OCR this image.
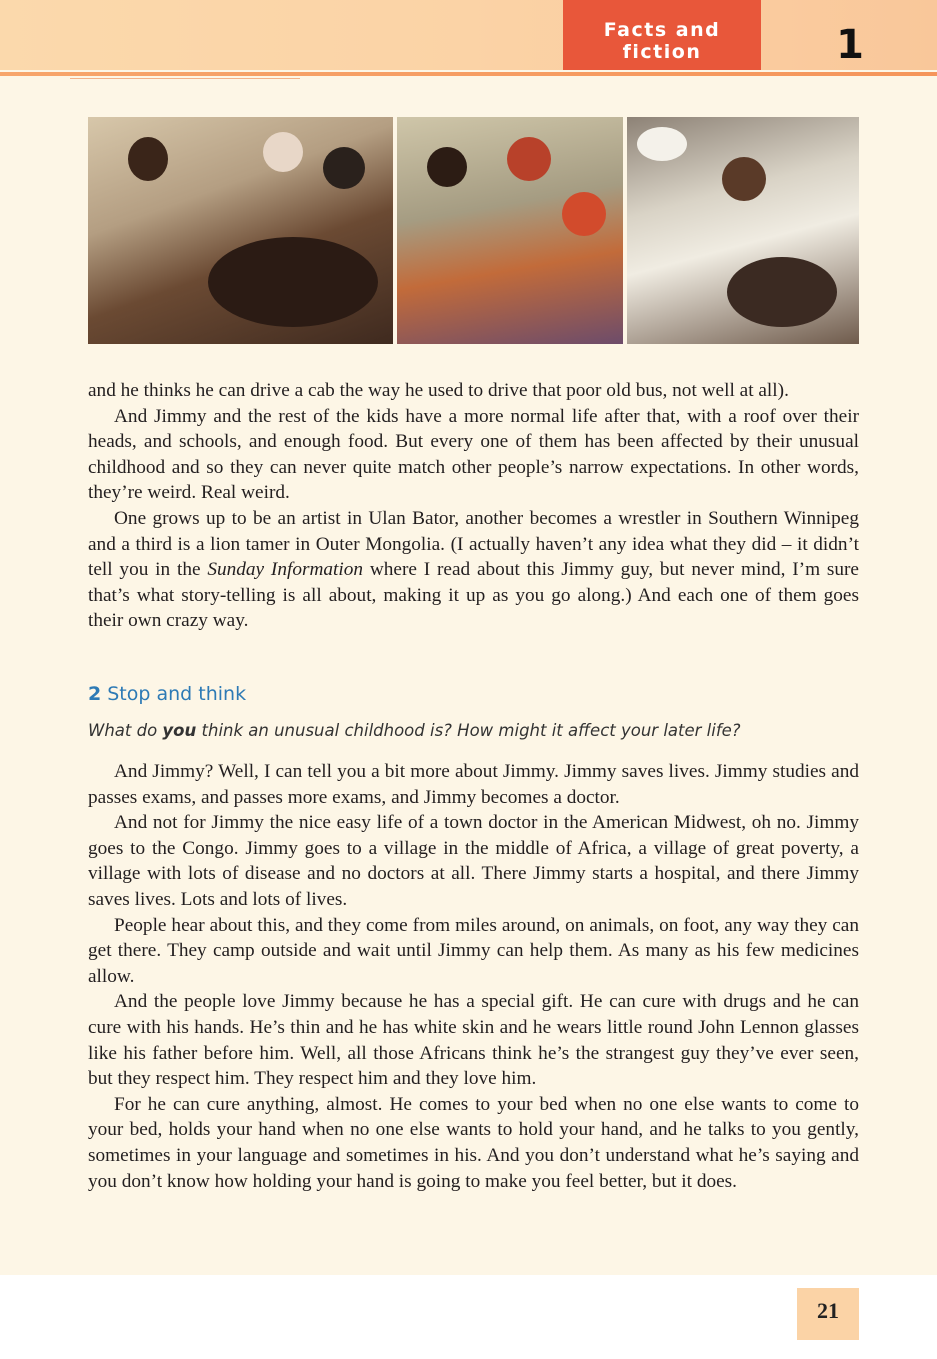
Facts and fiction	1

and he thinks he can drive a cab the way he used to drive that poor old bus, not well at all).

And Jimmy and the rest of the kids have a more normal life after that, with a roof over their heads, and schools, and enough food. But every one of them has been affected by their unusual childhood and so they can never quite match other people’s narrow expectations. In other words, they’re weird. Real weird.

One grows up to be an artist in Ulan Bator, another becomes a wrestler in Southern Winnipeg and a third is a lion tamer in Outer Mongolia. (I actually haven’t any idea what they did – it didn’t tell you in the Sunday Information where I read about this Jimmy guy, but never mind, I’m sure that’s what story-telling is all about, making it up as you go along.) And each one of them goes their own crazy way.

2 Stop and think
What do you think an unusual childhood is? How might it affect your later life?

And Jimmy? Well, I can tell you a bit more about Jimmy. Jimmy saves lives. Jimmy studies and passes exams, and passes more exams, and Jimmy becomes a doctor.

And not for Jimmy the nice easy life of a town doctor in the American Midwest, oh no. Jimmy goes to the Congo. Jimmy goes to a village in the middle of Africa, a village of great poverty, a village with lots of disease and no doctors at all. There Jimmy starts a hospital, and there Jimmy saves lives. Lots and lots of lives.

People hear about this, and they come from miles around, on animals, on foot, any way they can get there. They camp outside and wait until Jimmy can help them. As many as his few medicines allow.

And the people love Jimmy because he has a special gift. He can cure with drugs and he can cure with his hands. He’s thin and he has white skin and he wears little round John Lennon glasses like his father before him. Well, all those Africans think he’s the strangest guy they’ve ever seen, but they respect him. They respect him and they love him.

For he can cure anything, almost. He comes to your bed when no one else wants to come to your bed, holds your hand when no one else wants to hold your hand, and he talks to you gently, sometimes in your language and sometimes in his. And you don’t understand what he’s saying and you don’t know how holding your hand is going to make you feel better, but it does.

21
